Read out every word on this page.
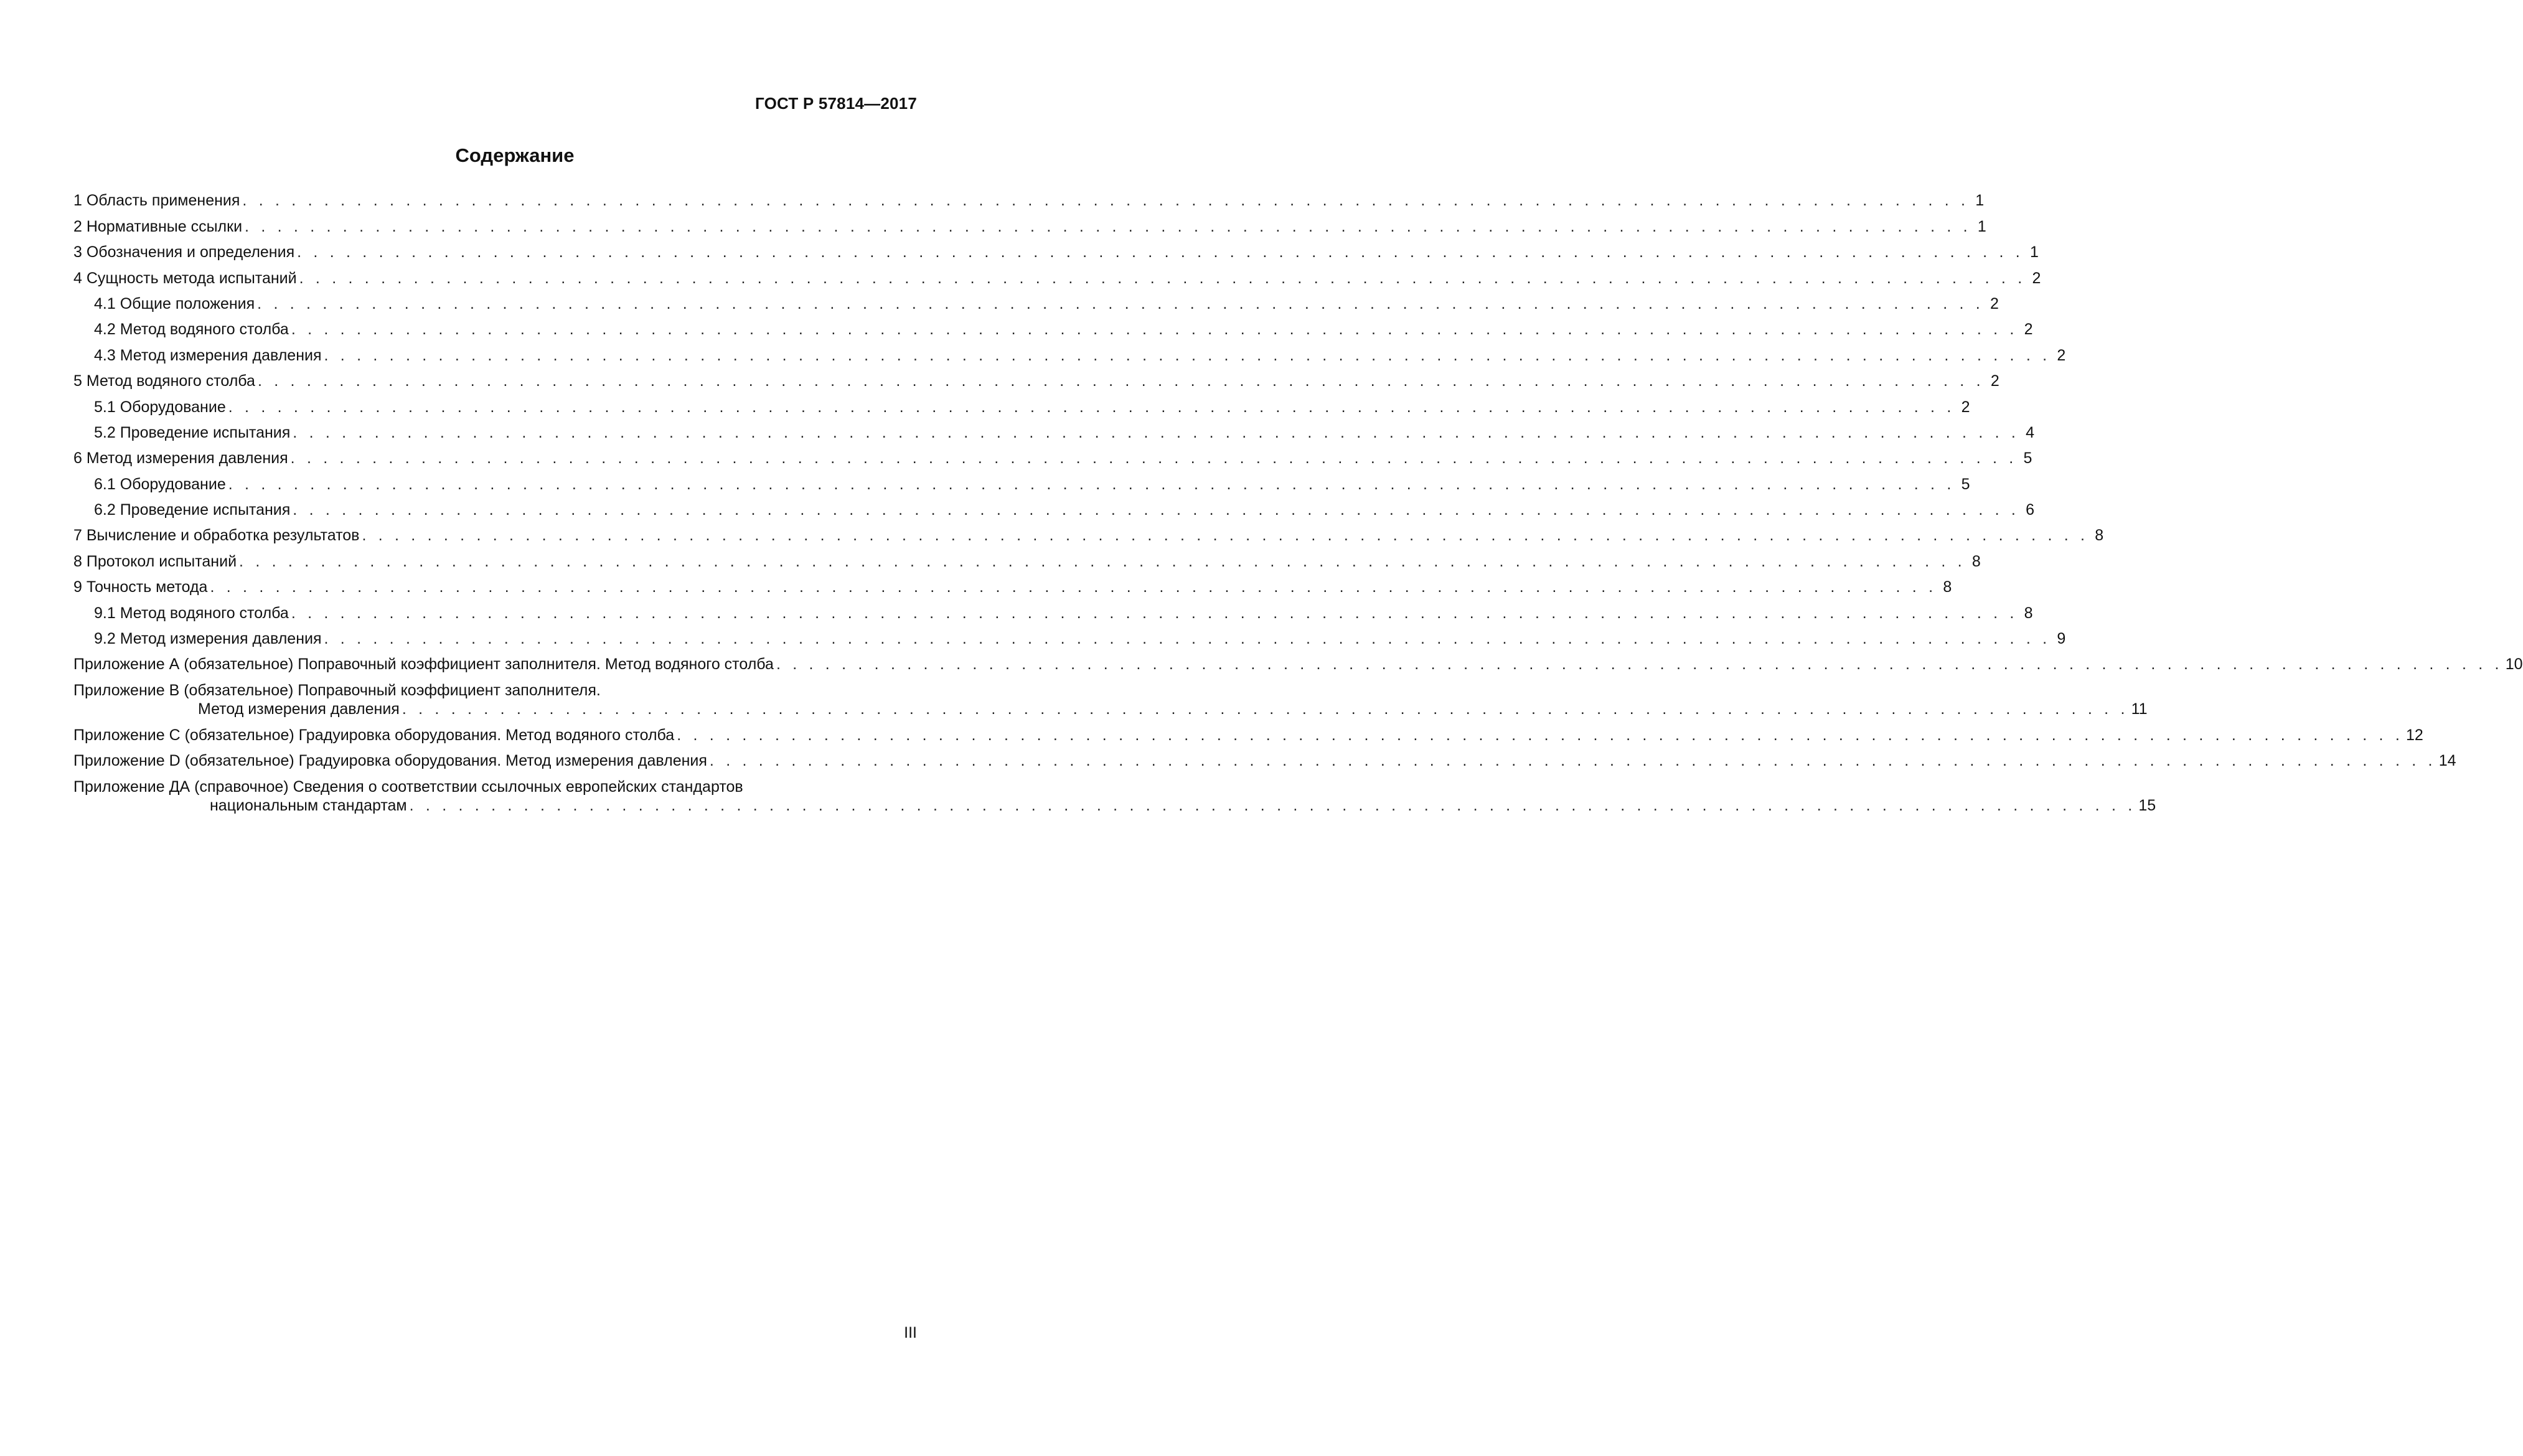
ГОСТ Р 57814—2017
Содержание
1 Область применения . . . . . . . . . . . . . . . . . . . . . . . . . . . . . . . . . . . . . . . . . . . . . . . . . . . . . . . . . . . . . . . . . . . . . . . . . . . . . . . . . . . . . . . . . . . . . . . . . . . . . . . . . . 1
2 Нормативные ссылки . . . . . . . . . . . . . . . . . . . . . . . . . . . . . . . . . . . . . . . . . . . . . . . . . . . . . . . . . . . . . . . . . . . . . . . . . . . . . . . . . . . . . . . . . . . . . . . . . . . . . . . . . . 1
3 Обозначения и определения . . . . . . . . . . . . . . . . . . . . . . . . . . . . . . . . . . . . . . . . . . . . . . . . . . . . . . . . . . . . . . . . . . . . . . . . . . . . . . . . . . . . . . . . . . . . . . . . . . . . . . . . . . 1
4 Сущность метода испытаний . . . . . . . . . . . . . . . . . . . . . . . . . . . . . . . . . . . . . . . . . . . . . . . . . . . . . . . . . . . . . . . . . . . . . . . . . . . . . . . . . . . . . . . . . . . . . . . . . . . . . . . . . . 2
4.1 Общие положения . . . . . . . . . . . . . . . . . . . . . . . . . . . . . . . . . . . . . . . . . . . . . . . . . . . . . . . . . . . . . . . . . . . . . . . . . . . . . . . . . . . . . . . . . . . . . . . . . . . . . . . . . . 2
4.2 Метод водяного столба . . . . . . . . . . . . . . . . . . . . . . . . . . . . . . . . . . . . . . . . . . . . . . . . . . . . . . . . . . . . . . . . . . . . . . . . . . . . . . . . . . . . . . . . . . . . . . . . . . . . . . . . . . 2
4.3 Метод измерения давления . . . . . . . . . . . . . . . . . . . . . . . . . . . . . . . . . . . . . . . . . . . . . . . . . . . . . . . . . . . . . . . . . . . . . . . . . . . . . . . . . . . . . . . . . . . . . . . . . . . . . . . . . . 2
5 Метод водяного столба . . . . . . . . . . . . . . . . . . . . . . . . . . . . . . . . . . . . . . . . . . . . . . . . . . . . . . . . . . . . . . . . . . . . . . . . . . . . . . . . . . . . . . . . . . . . . . . . . . . . . . . . . . 2
5.1 Оборудование . . . . . . . . . . . . . . . . . . . . . . . . . . . . . . . . . . . . . . . . . . . . . . . . . . . . . . . . . . . . . . . . . . . . . . . . . . . . . . . . . . . . . . . . . . . . . . . . . . . . . . . . . . 2
5.2 Проведение испытания . . . . . . . . . . . . . . . . . . . . . . . . . . . . . . . . . . . . . . . . . . . . . . . . . . . . . . . . . . . . . . . . . . . . . . . . . . . . . . . . . . . . . . . . . . . . . . . . . . . . . . . . . . 4
6 Метод измерения давления . . . . . . . . . . . . . . . . . . . . . . . . . . . . . . . . . . . . . . . . . . . . . . . . . . . . . . . . . . . . . . . . . . . . . . . . . . . . . . . . . . . . . . . . . . . . . . . . . . . . . . . . . . 5
6.1 Оборудование . . . . . . . . . . . . . . . . . . . . . . . . . . . . . . . . . . . . . . . . . . . . . . . . . . . . . . . . . . . . . . . . . . . . . . . . . . . . . . . . . . . . . . . . . . . . . . . . . . . . . . . . . . 5
6.2 Проведение испытания . . . . . . . . . . . . . . . . . . . . . . . . . . . . . . . . . . . . . . . . . . . . . . . . . . . . . . . . . . . . . . . . . . . . . . . . . . . . . . . . . . . . . . . . . . . . . . . . . . . . . . . . . . 6
7 Вычисление и обработка результатов . . . . . . . . . . . . . . . . . . . . . . . . . . . . . . . . . . . . . . . . . . . . . . . . . . . . . . . . . . . . . . . . . . . . . . . . . . . . . . . . . . . . . . . . . . . . . . . . . . . . . . . . . . 8
8 Протокол испытаний . . . . . . . . . . . . . . . . . . . . . . . . . . . . . . . . . . . . . . . . . . . . . . . . . . . . . . . . . . . . . . . . . . . . . . . . . . . . . . . . . . . . . . . . . . . . . . . . . . . . . . . . . . 8
9 Точность метода . . . . . . . . . . . . . . . . . . . . . . . . . . . . . . . . . . . . . . . . . . . . . . . . . . . . . . . . . . . . . . . . . . . . . . . . . . . . . . . . . . . . . . . . . . . . . . . . . . . . . . . . . . 8
9.1 Метод водяного столба . . . . . . . . . . . . . . . . . . . . . . . . . . . . . . . . . . . . . . . . . . . . . . . . . . . . . . . . . . . . . . . . . . . . . . . . . . . . . . . . . . . . . . . . . . . . . . . . . . . . . . . . . . 8
9.2 Метод измерения давления . . . . . . . . . . . . . . . . . . . . . . . . . . . . . . . . . . . . . . . . . . . . . . . . . . . . . . . . . . . . . . . . . . . . . . . . . . . . . . . . . . . . . . . . . . . . . . . . . . . . . . . . . . 9
Приложение А (обязательное) Поправочный коэффициент заполнителя. Метод водяного столба . . . . . . . . . . . . . . . . . . . . . . . . . . . . . . . . . . . . . . . . . . . . . . . . . . . . . . . . . . . . . . . . . . . . . . . . . . . . . . . . . . . . . . . . . . . . . . . . . . . . . . . . . . 10
Приложение В (обязательное) Поправочный коэффициент заполнителя.
Метод измерения давления . . . . . . . . . . . . . . . . . . . . . . . . . . . . . . . . . . . . . . . . . . . . . . . . . . . . . . . . . . . . . . . . . . . . . . . . . . . . . . . . . . . . . . . . . . . . . . . . . . . . . . . . . . 11
Приложение С (обязательное) Градуировка оборудования. Метод водяного столба . . . . . . . . . . . . . . . . . . . . . . . . . . . . . . . . . . . . . . . . . . . . . . . . . . . . . . . . . . . . . . . . . . . . . . . . . . . . . . . . . . . . . . . . . . . . . . . . . . . . . . . . . . 12
Приложение D (обязательное) Градуировка оборудования. Метод измерения давления . . . . . . . . . . . . . . . . . . . . . . . . . . . . . . . . . . . . . . . . . . . . . . . . . . . . . . . . . . . . . . . . . . . . . . . . . . . . . . . . . . . . . . . . . . . . . . . . . . . . . . . . . . 14
Приложение ДА (справочное) Сведения о соответствии ссылочных европейских стандартов
национальным стандартам . . . . . . . . . . . . . . . . . . . . . . . . . . . . . . . . . . . . . . . . . . . . . . . . . . . . . . . . . . . . . . . . . . . . . . . . . . . . . . . . . . . . . . . . . . . . . . . . . . . . . . . . . . 15
III
